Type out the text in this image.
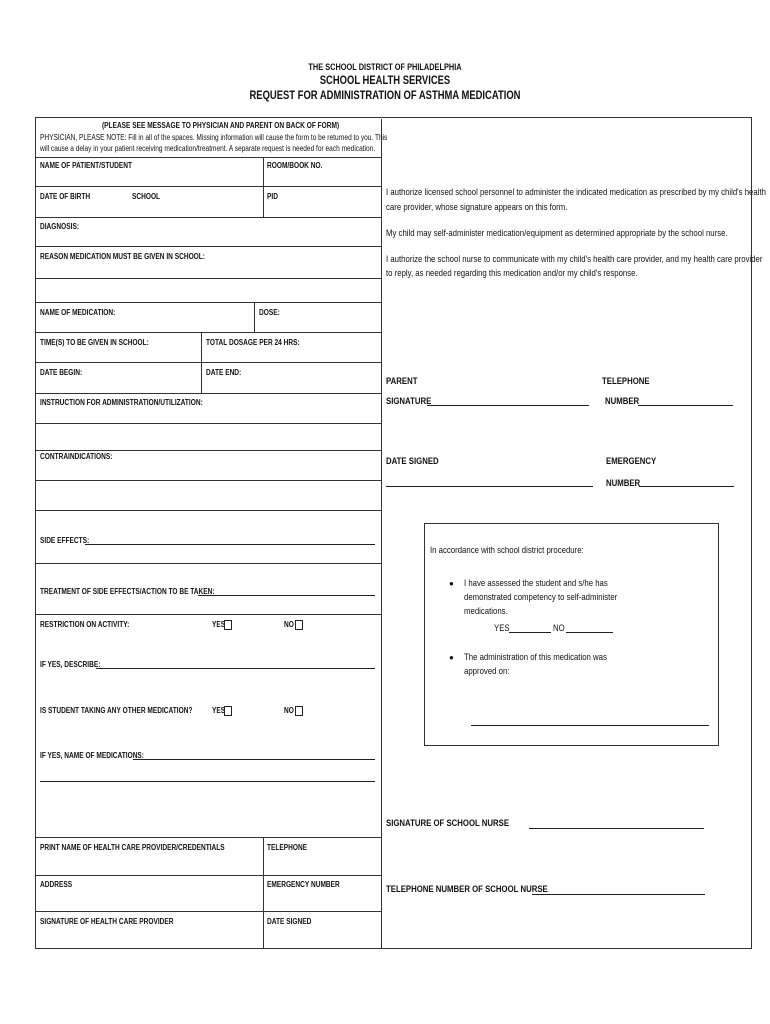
THE SCHOOL DISTRICT OF PHILADELPHIA
SCHOOL HEALTH SERVICES
REQUEST FOR ADMINISTRATION OF ASTHMA MEDICATION
(PLEASE SEE MESSAGE TO PHYSICIAN AND PARENT ON BACK OF FORM)
PHYSICIAN, PLEASE NOTE: Fill in all of the spaces. Missing information will cause the form to be returned to you. This
will cause a delay in your patient receiving medication/treatment. A separate request is needed for each medication.
NAME OF PATIENT/STUDENT	ROOM/BOOK NO.
DATE OF BIRTH	SCHOOL	PID
DIAGNOSIS:
REASON MEDICATION MUST BE GIVEN IN SCHOOL:
NAME OF MEDICATION:	DOSE:
TIME(S) TO BE GIVEN IN SCHOOL:	TOTAL DOSAGE PER 24 HRS:
DATE BEGIN:	DATE END:
INSTRUCTION FOR ADMINISTRATION/UTILIZATION:
CONTRAINDICATIONS:
SIDE EFFECTS:
TREATMENT OF SIDE EFFECTS/ACTION TO BE TAKEN:
RESTRICTION ON ACTIVITY:	YES	NO
IF YES, DESCRIBE:
IS STUDENT TAKING ANY OTHER MEDICATION? YES	NO
IF YES, NAME OF MEDICATIONS:
PRINT NAME OF HEALTH CARE PROVIDER/CREDENTIALS	TELEPHONE
ADDRESS	EMERGENCY NUMBER
SIGNATURE OF HEALTH CARE PROVIDER	DATE SIGNED
I authorize licensed school personnel to administer the indicated medication as prescribed by my child's health
care provider, whose signature appears on this form.
My child may self-administer medication/equipment as determined appropriate by the school nurse.
I authorize the school nurse to communicate with my child's health care provider, and my health care provider
to reply, as needed regarding this medication and/or my child's response.
PARENT	TELEPHONE
SIGNATURE	NUMBER
DATE SIGNED	EMERGENCY
NUMBER
In accordance with school district procedure:
● I have assessed the student and s/he has
demonstrated competency to self-administer
medications.
YES	NO
● The administration of this medication was
approved on:
SIGNATURE OF SCHOOL NURSE
TELEPHONE NUMBER OF SCHOOL NURSE
